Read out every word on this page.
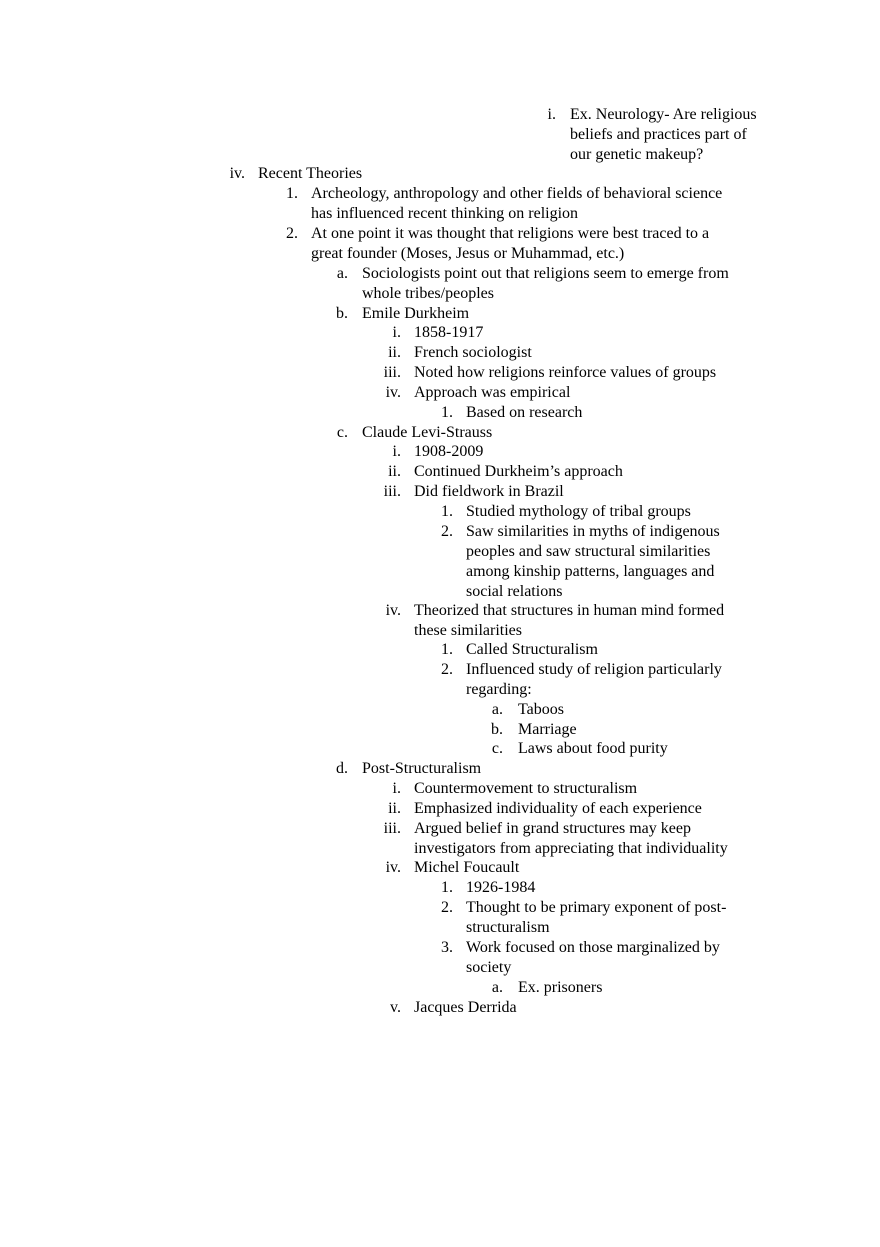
i. Ex. Neurology- Are religious
beliefs and practices part of
our genetic makeup?
iv. Recent Theories
1. Archeology, anthropology and other fields of behavioral science
has influenced recent thinking on religion
2. At one point it was thought that religions were best traced to a
great founder (Moses, Jesus or Muhammad, etc.)
a. Sociologists point out that religions seem to emerge from
whole tribes/peoples
b. Emile Durkheim
i. 1858-1917
ii. French sociologist
iii. Noted how religions reinforce values of groups
iv. Approach was empirical
1. Based on research
c. Claude Levi-Strauss
i. 1908-2009
ii. Continued Durkheim’s approach
iii. Did fieldwork in Brazil
1. Studied mythology of tribal groups
2. Saw similarities in myths of indigenous
peoples and saw structural similarities
among kinship patterns, languages and
social relations
iv. Theorized that structures in human mind formed
these similarities
1. Called Structuralism
2. Influenced study of religion particularly
regarding:
a. Taboos
b. Marriage
c. Laws about food purity
d. Post-Structuralism
i. Countermovement to structuralism
ii. Emphasized individuality of each experience
iii. Argued belief in grand structures may keep
investigators from appreciating that individuality
iv. Michel Foucault
1. 1926-1984
2. Thought to be primary exponent of post-
structuralism
3. Work focused on those marginalized by
society
a. Ex. prisoners
v. Jacques Derrida
